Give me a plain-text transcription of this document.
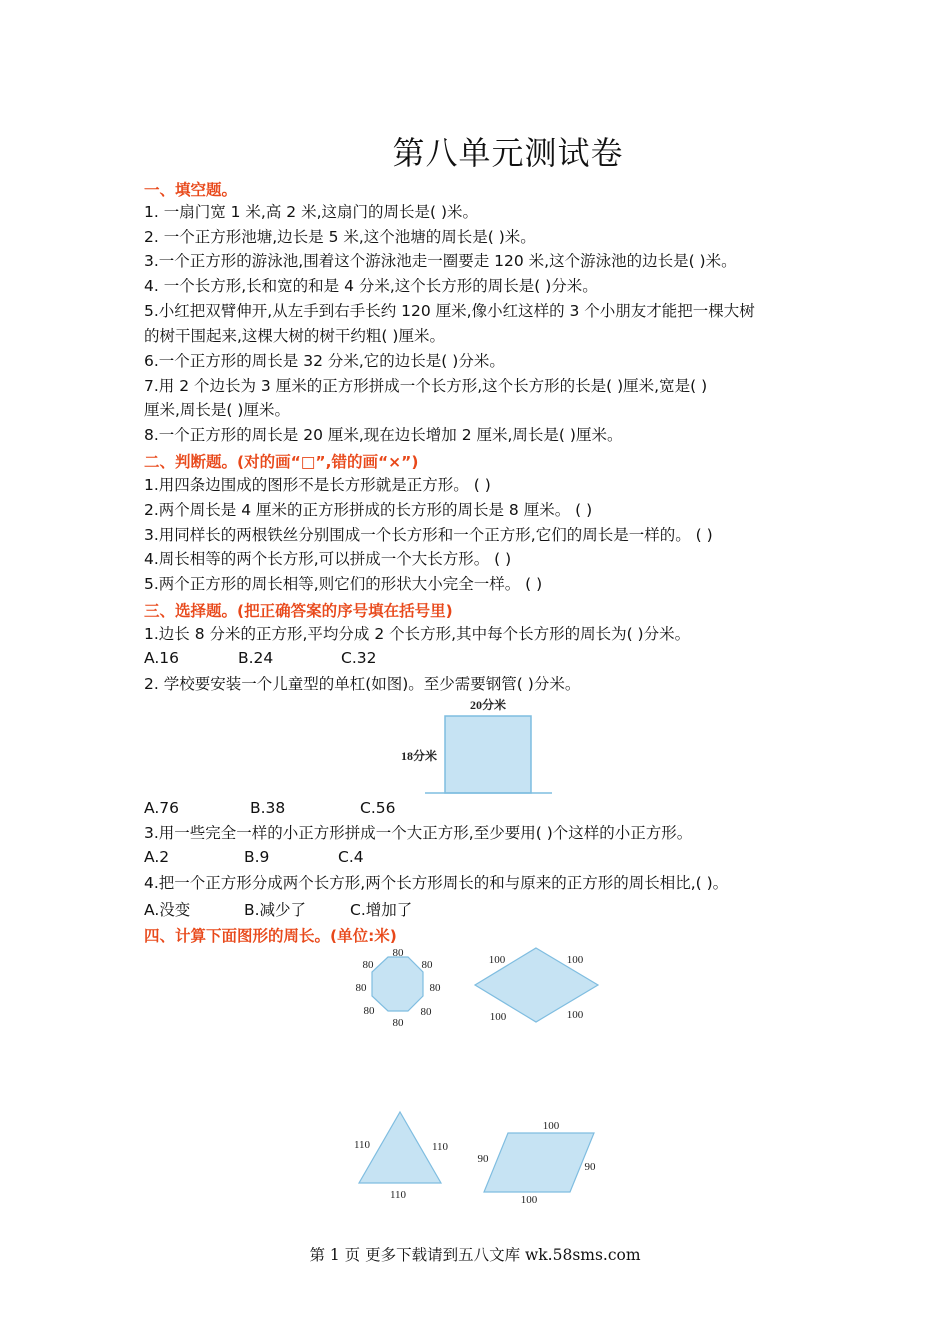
第八单元测试卷
一、填空题。
1. 一扇门宽 1 米,高 2 米,这扇门的周长是( )米。
2. 一个正方形池塘,边长是 5 米,这个池塘的周长是( )米。
3.一个正方形的游泳池,围着这个游泳池走一圈要走 120 米,这个游泳池的边长是( )米。
4. 一个长方形,长和宽的和是 4 分米,这个长方形的周长是( )分米。
5.小红把双臂伸开,从左手到右手长约 120 厘米,像小红这样的 3 个小朋友才能把一棵大树
的树干围起来,这棵大树的树干约粗( )厘米。
6.一个正方形的周长是 32 分米,它的边长是( )分米。
7.用 2 个边长为 3 厘米的正方形拼成一个长方形,这个长方形的长是( )厘米,宽是( )
厘米,周长是( )厘米。
8.一个正方形的周长是 20 厘米,现在边长增加 2 厘米,周长是( )厘米。
二、判断题。(对的画“□”,错的画“×”)
1.用四条边围成的图形不是长方形就是正方形。 ( )
2.两个周长是 4 厘米的正方形拼成的长方形的周长是 8 厘米。 ( )
3.用同样长的两根铁丝分别围成一个长方形和一个正方形,它们的周长是一样的。 ( )
4.周长相等的两个长方形,可以拼成一个大长方形。 ( )
5.两个正方形的周长相等,则它们的形状大小完全一样。 ( )
三、选择题。(把正确答案的序号填在括号里)
1.边长 8 分米的正方形,平均分成 2 个长方形,其中每个长方形的周长为( )分米。
A.16	B.24	C.32
2. 学校要安装一个儿童型的单杠(如图)。至少需要钢管( )分米。
20分米
18分米
A.76	B.38	C.56
3.用一些完全一样的小正方形拼成一个大正方形,至少要用( )个这样的小正方形。
A.2	B.9	C.4
4.把一个正方形分成两个长方形,两个长方形周长的和与原来的正方形的周长相比,( )。
A.没变	B.减少了	C.增加了
四、计算下面图形的周长。(单位:米)
80
80
80
80
80
80
80
80	100	100
100	100
110	110
110
100
90
90
100
第 1 页 更多下载请到五八文库 wk.58sms.com
